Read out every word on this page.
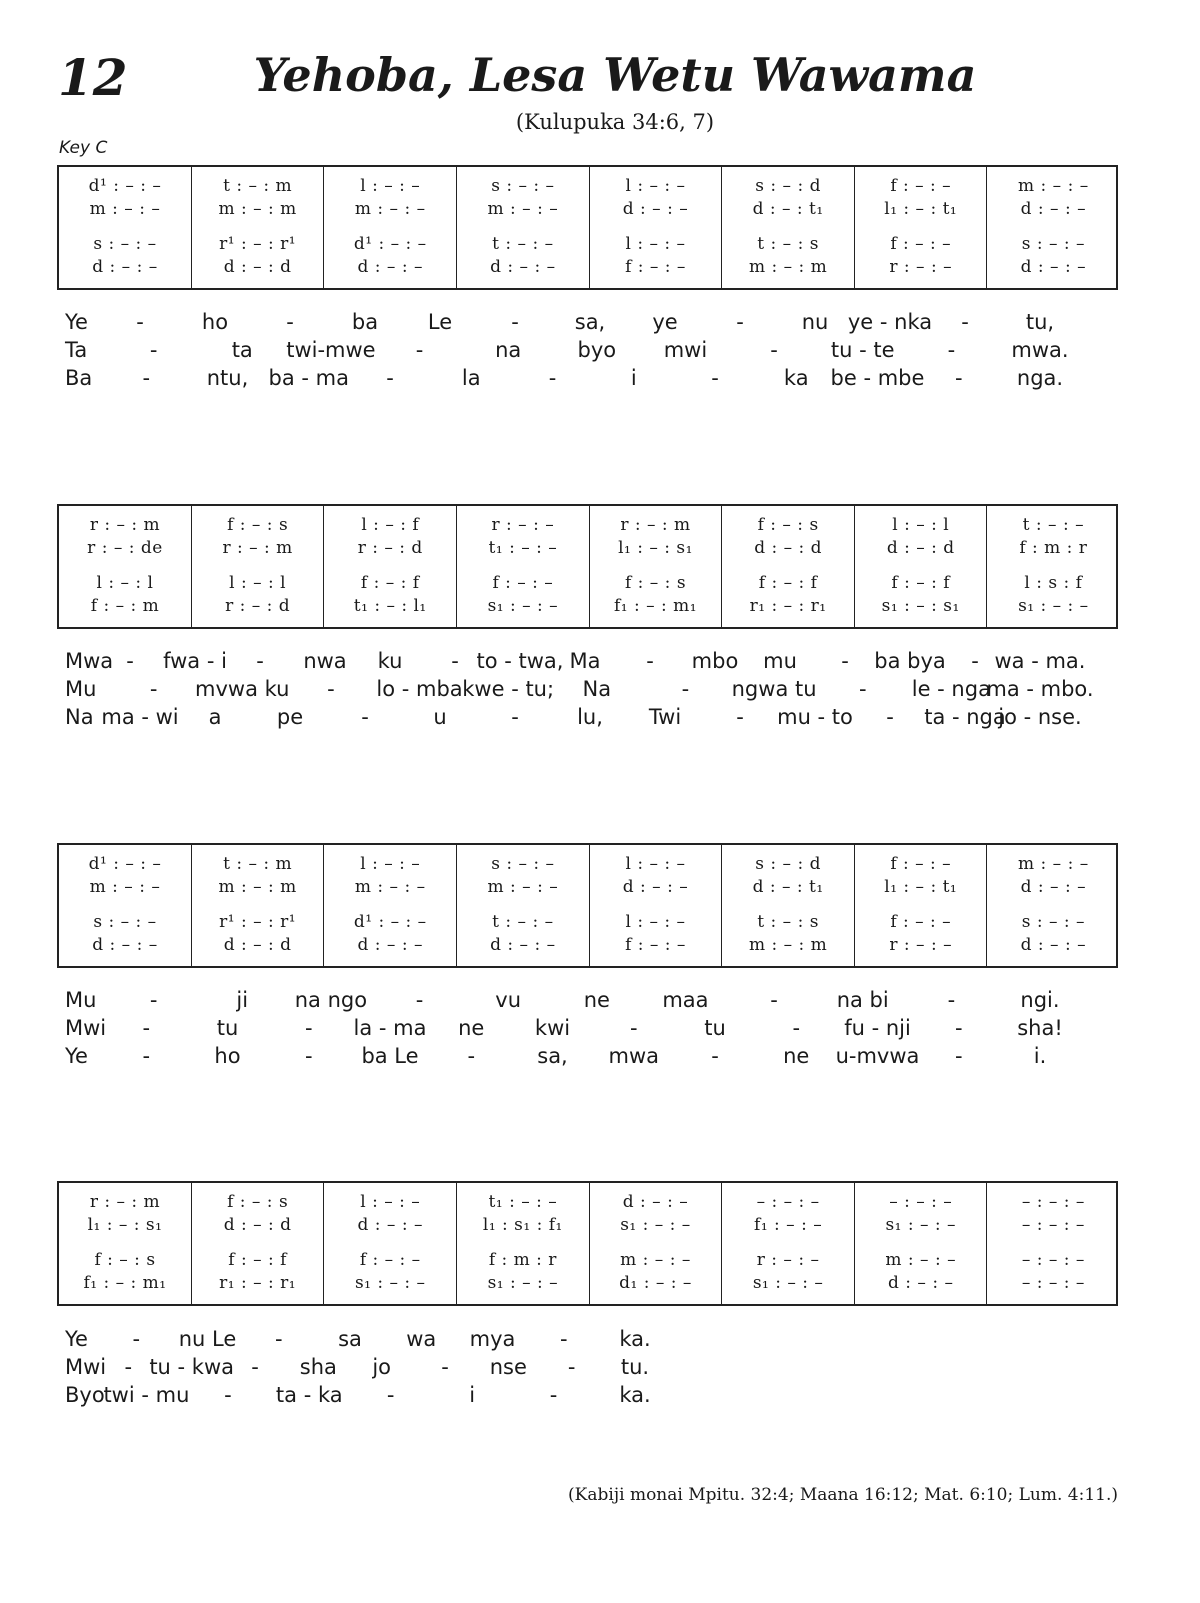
12	Yehoba, Lesa Wetu Wawama
(Kulupuka 34:6, 7)
Key C
d¹ : – : –	t : – : m	l : – : –	s : – : –	l : – : –	s : – : d	f : – : –	m : – : –
m : – : –	m : – : m	m : – : –	m : – : –	d : – : –	d : – : t₁	l₁ : – : t₁	d : – : –
s : – : –	r¹ : – : r¹	d¹ : – : –	t : – : –	l : – : –	t : – : s	f : – : –	s : – : –
d : – : –	d : – : d	d : – : –	d : – : –	f : – : –	m : – : m	r : – : –	d : – : –
r : – : m	f : – : s	l : – : f	r : – : –	r : – : m	f : – : s	l : – : l	t : – : –
r : – : de	r : – : m	r : – : d	t₁ : – : –	l₁ : – : s₁	d : – : d	d : – : d	f : m : r
l : – : l	l : – : l	f : – : f	f : – : –	f : – : s	f : – : f	f : – : f	l : s : f
f : – : m	r : – : d	t₁ : – : l₁	s₁ : – : –	f₁ : – : m₁	r₁ : – : r₁	s₁ : – : s₁	s₁ : – : –
d¹ : – : –	t : – : m	l : – : –	s : – : –	l : – : –	s : – : d	f : – : –	m : – : –
m : – : –	m : – : m	m : – : –	m : – : –	d : – : –	d : – : t₁	l₁ : – : t₁	d : – : –
s : – : –	r¹ : – : r¹	d¹ : – : –	t : – : –	l : – : –	t : – : s	f : – : –	s : – : –
d : – : –	d : – : d	d : – : –	d : – : –	f : – : –	m : – : m	r : – : –	d : – : –
r : – : m	f : – : s	l : – : –	t₁ : – : –	d : – : –	– : – : –	– : – : –	– : – : –
l₁ : – : s₁	d : – : d	d : – : –	l₁ : s₁ : f₁	s₁ : – : –	f₁ : – : –	s₁ : – : –	– : – : –
f : – : s	f : – : f	f : – : –	f : m : r	m : – : –	r : – : –	m : – : –	– : – : –
f₁ : – : m₁	r₁ : – : r₁	s₁ : – : –	s₁ : – : –	d₁ : – : –	s₁ : – : –	d : – : –	– : – : –
(Kabiji monai Mpitu. 32:4; Maana 16:12; Mat. 6:10; Lum. 4:11.)
Ye -	ho	-	ba Le	-	sa, ye	-	nu ye - nka -	tu,
Ta	-	ta twi-mwe -	na	byo mwi	-	tu - te	-	mwa.
Ba -	ntu, ba - ma -	la	-	i	-	ka be - mbe -	nga.
Mwa - fwa - i - nwa ku - to - twa, Ma - mbo mu - ba bya - wa - ma.
Mu	- mvwa ku - lo - mba kwe - tu; Na	- ngwa tu - le - nga
ma - mbo.
Na ma - wi a	pe	-	u	-	lu, Twi	- mu - to - ta - nga
jo - nse.
Mu	-	ji na ngo -	vu	ne maa	-	na bi	-	ngi.
Mwi -	tu	- la - ma ne kwi	-	tu	- fu - nji -	sha!
Ye	-	ho	- ba Le -	sa, mwa -	ne u-mvwa -	i.
Ye - nu Le -	sa wa mya - ka.
Mwi - tu - kwa - sha jo - nse - tu.
Byo
twi - mu - ta - ka -	i	-	ka.
